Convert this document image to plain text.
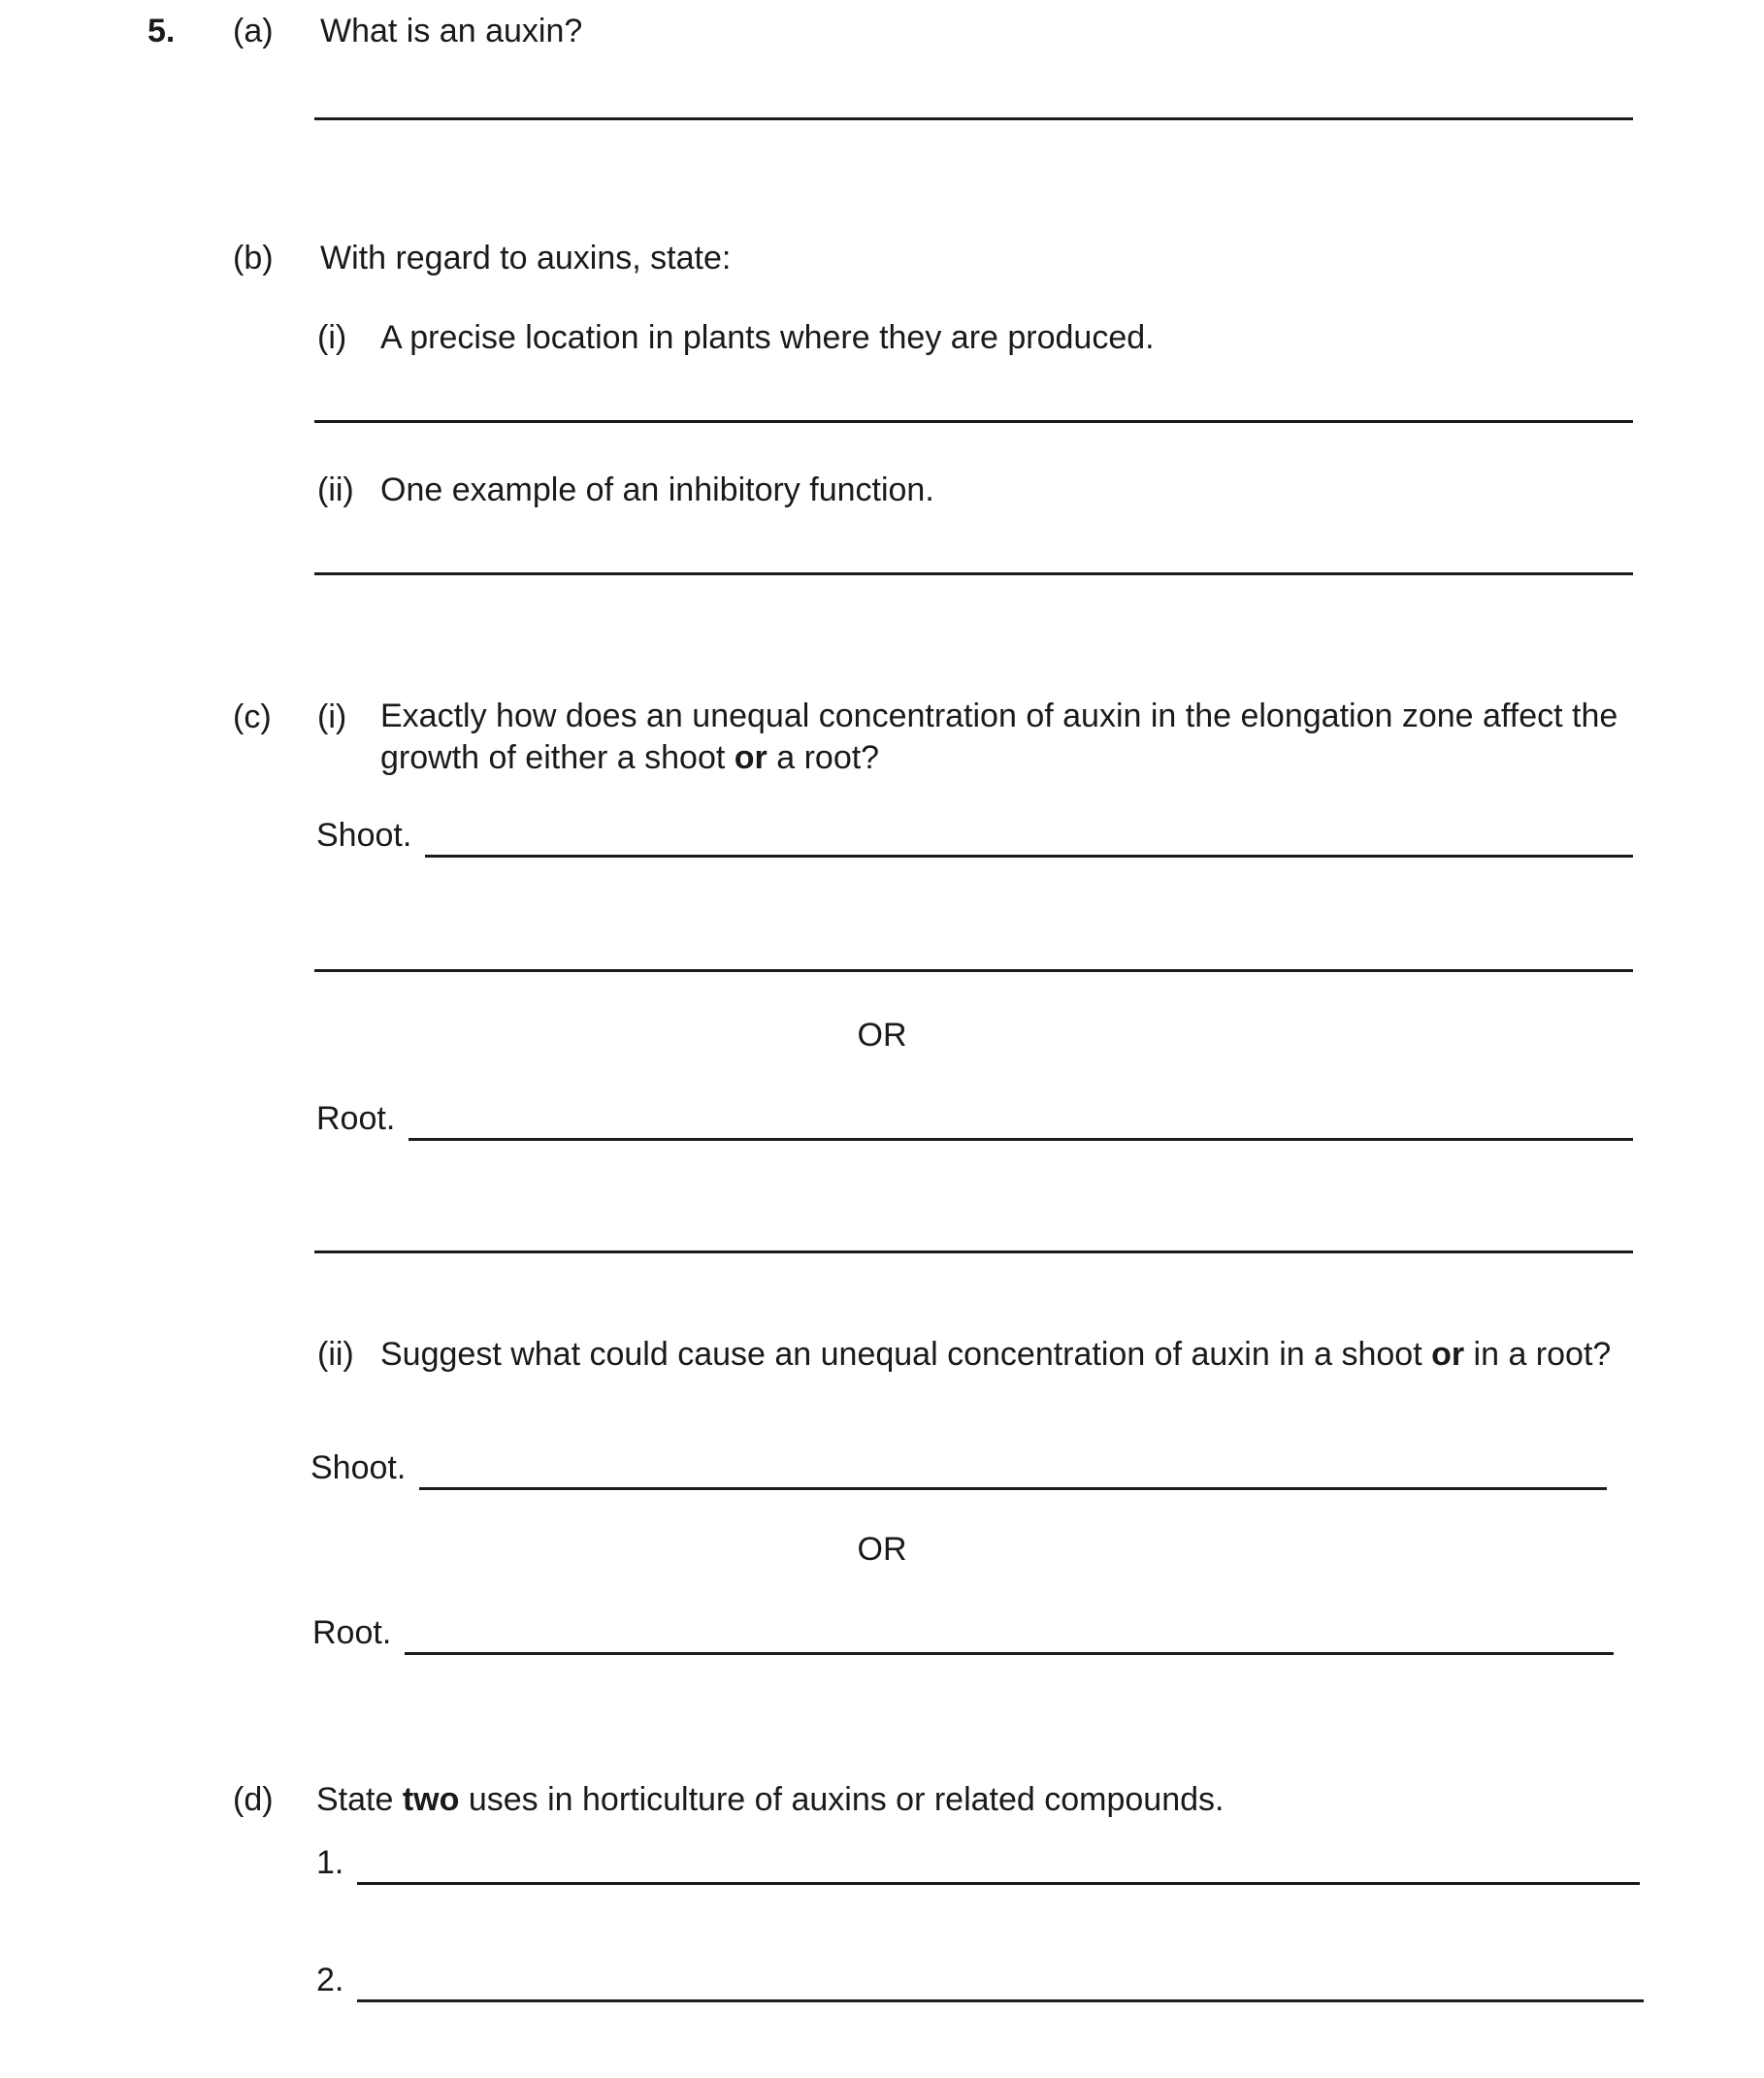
5. (a) What is an auxin?
(b) With regard to auxins, state:
(i) A precise location in plants where they are produced.
(ii) One example of an inhibitory function.
(c) (i) Exactly how does an unequal concentration of auxin in the elongation zone affect the growth of either a shoot or a root?
Shoot.
OR
Root.
(ii) Suggest what could cause an unequal concentration of auxin in a shoot or in a root?
Shoot.
OR
Root.
(d) State two uses in horticulture of auxins or related compounds.
1.
2.
